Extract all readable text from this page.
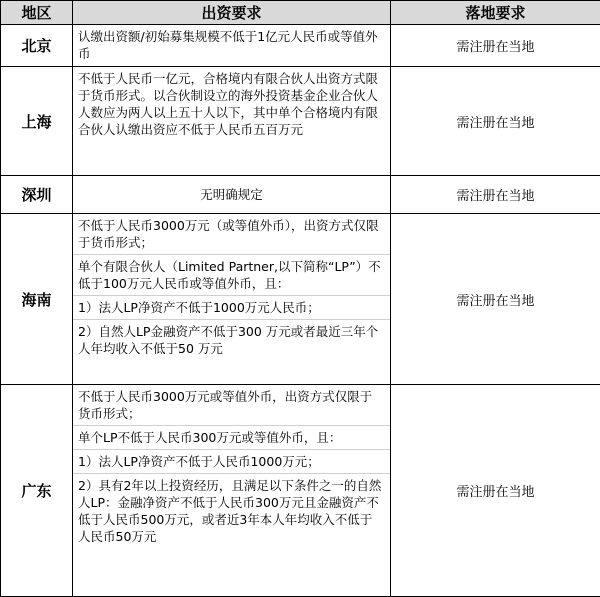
地区	出资要求	落地要求
北京	认缴出资额/初始募集规模不低于1亿元人民币或等值外币	需注册在当地
上海	不低于人民币一亿元，合格境内有限合伙人出资方式限于货币形式。以合伙制设立的海外投资基金企业合伙人人数应为两人以上五十人以下，其中单个合格境内有限合伙人认缴出资应不低于人民币五百万元	需注册在当地
深圳	无明确规定	需注册在当地
海南	不低于人民币3000万元（或等值外币），出资方式仅限于货币形式；
单个有限合伙人（Limited Partner,以下简称“LP”）不低于100万元人民币或等值外币，且：
1）法人LP净资产不低于1000万元人民币；
2）自然人LP金融资产不低于300 万元或者最近三年个人年均收入不低于50 万元	需注册在当地
广东	不低于人民币3000万元或等值外币，出资方式仅限于货币形式；
单个LP不低于人民币300万元或等值外币，且：
1）法人LP净资产不低于人民币1000万元；
2）具有2年以上投资经历，且满足以下条件之一的自然人LP：金融净资产不低于人民币300万元且金融资产不低于人民币500万元，或者近3年本人年均收入不低于人民币50万元	需注册在当地
